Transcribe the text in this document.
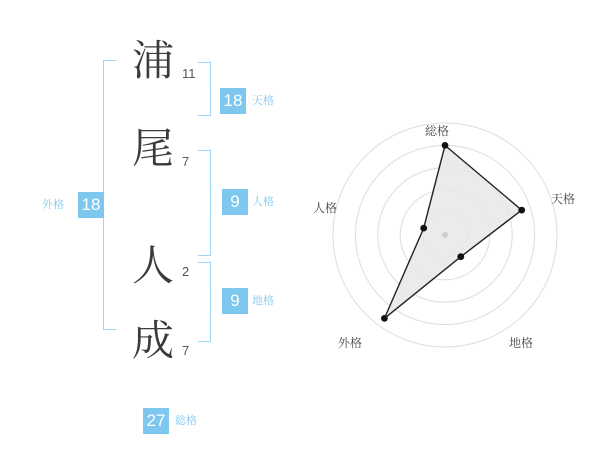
浦 11
尾 7
人 2
成 7
18
外格
18 天格
9	人格
9	地格
27 総格
総格
天格
地格
外格
人格
